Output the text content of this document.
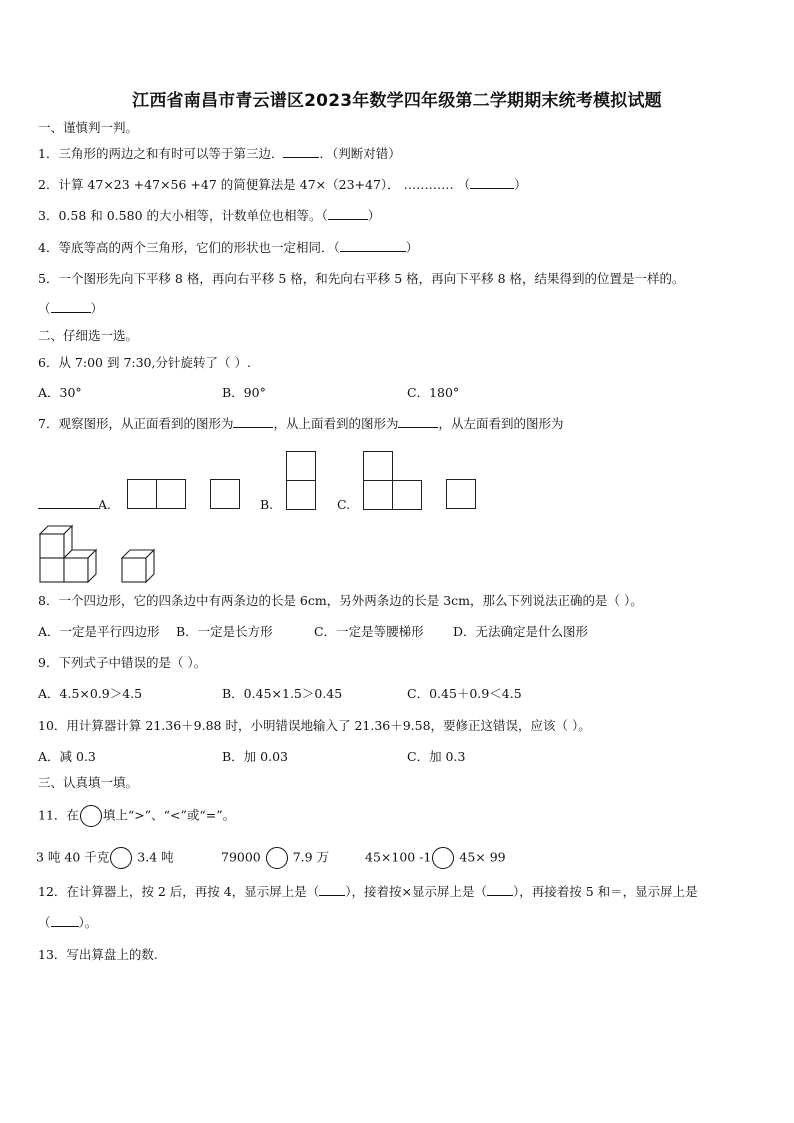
江西省南昌市青云谱区2023年数学四年级第二学期期末统考模拟试题
一、谨慎判一判。
1．三角形的两边之和有时可以等于第三边．	．（判断对错）
2．计算 47×23 +47×56 +47 的简便算法是 47×（23+47）． ………… （	）
3．0.58 和 0.580 的大小相等，计数单位也相等。（	）
4．等底等高的两个三角形，它们的形状也一定相同．（	）
5．一个图形先向下平移 8 格，再向右平移 5 格，和先向右平移 5 格，再向下平移 8 格，结果得到的位置是一样的。
（	）
二、仔细选一选。
6．从 7:00 到 7:30,分针旋转了（ ）.
A．30°	B．90°	C．180°
7．观察图形，从正面看到的图形为	，从上面看到的图形为	，从左面看到的图形为
A.	B.	C.
8．一个四边形，它的四条边中有两条边的长是 6cm，另外两条边的长是 3cm，那么下列说法正确的是（ ）。
A．一定是平行四边形 B．一定是长方形	C．一定是等腰梯形 D．无法确定是什么图形
9．下列式子中错误的是（ ）。
A．4.5×0.9＞4.5	B．0.45×1.5＞0.45	C．0.45＋0.9＜4.5
10．用计算器计算 21.36＋9.88 时，小明错误地输入了 21.36＋9.58，要修正这错误，应该（ ）。
A．减 0.3	B．加 0.03	C．加 0.3
三、认真填一填。
11．在 填上“>”、“<”或“=”。
3 吨 40 千克 3.4 吨	79000	7.9 万	45×100 -1 45× 99
12．在计算器上，按 2 后，再按 4，显示屏上是（ ），接着按×显示屏上是（ ），再接着按 5 和＝，显示屏上是
（ ）。
13．写出算盘上的数.
